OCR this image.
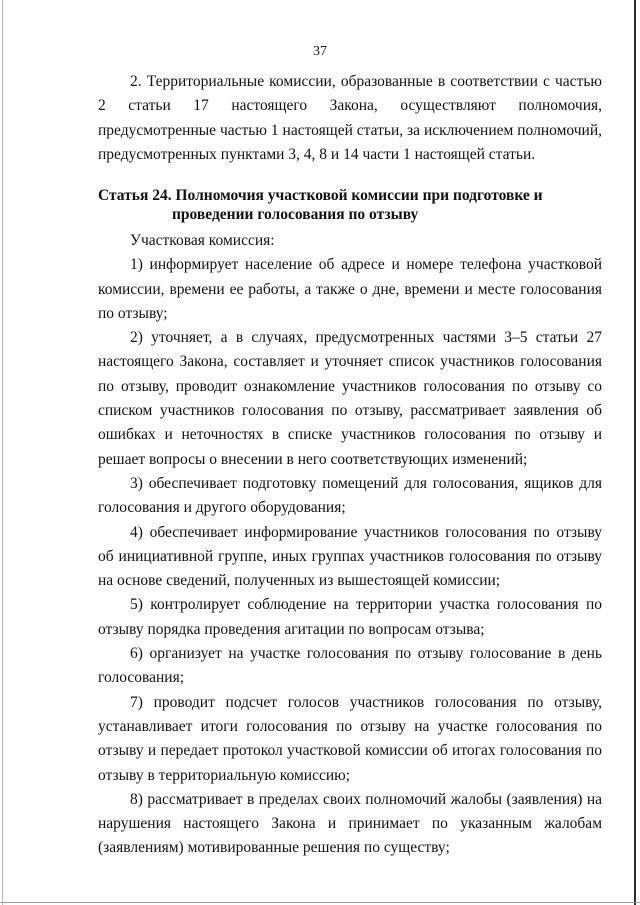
37

2. Территориальные комиссии, образованные в соответствии с частью 2 статьи 17 настоящего Закона, осуществляют полномочия, предусмотренные частью 1 настоящей статьи, за исключением полномочий, предусмотренных пунктами 3, 4, 8 и 14 части 1 настоящей статьи.

Статья 24. Полномочия участковой комиссии при подготовке и
проведении голосования по отзыву

Участковая комиссия:

1) информирует население об адресе и номере телефона участковой комиссии, времени ее работы, а также о дне, времени и месте голосования по отзыву;

2) уточняет, а в случаях, предусмотренных частями 3–5 статьи 27 настоящего Закона, составляет и уточняет список участников голосования по отзыву, проводит ознакомление участников голосования по отзыву со списком участников голосования по отзыву, рассматривает заявления об ошибках и неточностях в списке участников голосования по отзыву и решает вопросы о внесении в него соответствующих изменений;

3) обеспечивает подготовку помещений для голосования, ящиков для голосования и другого оборудования;

4) обеспечивает информирование участников голосования по отзыву об инициативной группе, иных группах участников голосования по отзыву на основе сведений, полученных из вышестоящей комиссии;

5) контролирует соблюдение на территории участка голосования по отзыву порядка проведения агитации по вопросам отзыва;

6) организует на участке голосования по отзыву голосование в день голосования;

7) проводит подсчет голосов участников голосования по отзыву, устанавливает итоги голосования по отзыву на участке голосования по отзыву и передает протокол участковой комиссии об итогах голосования по отзыву в территориальную комиссию;

8) рассматривает в пределах своих полномочий жалобы (заявления) на нарушения настоящего Закона и принимает по указанным жалобам (заявлениям) мотивированные решения по существу;
